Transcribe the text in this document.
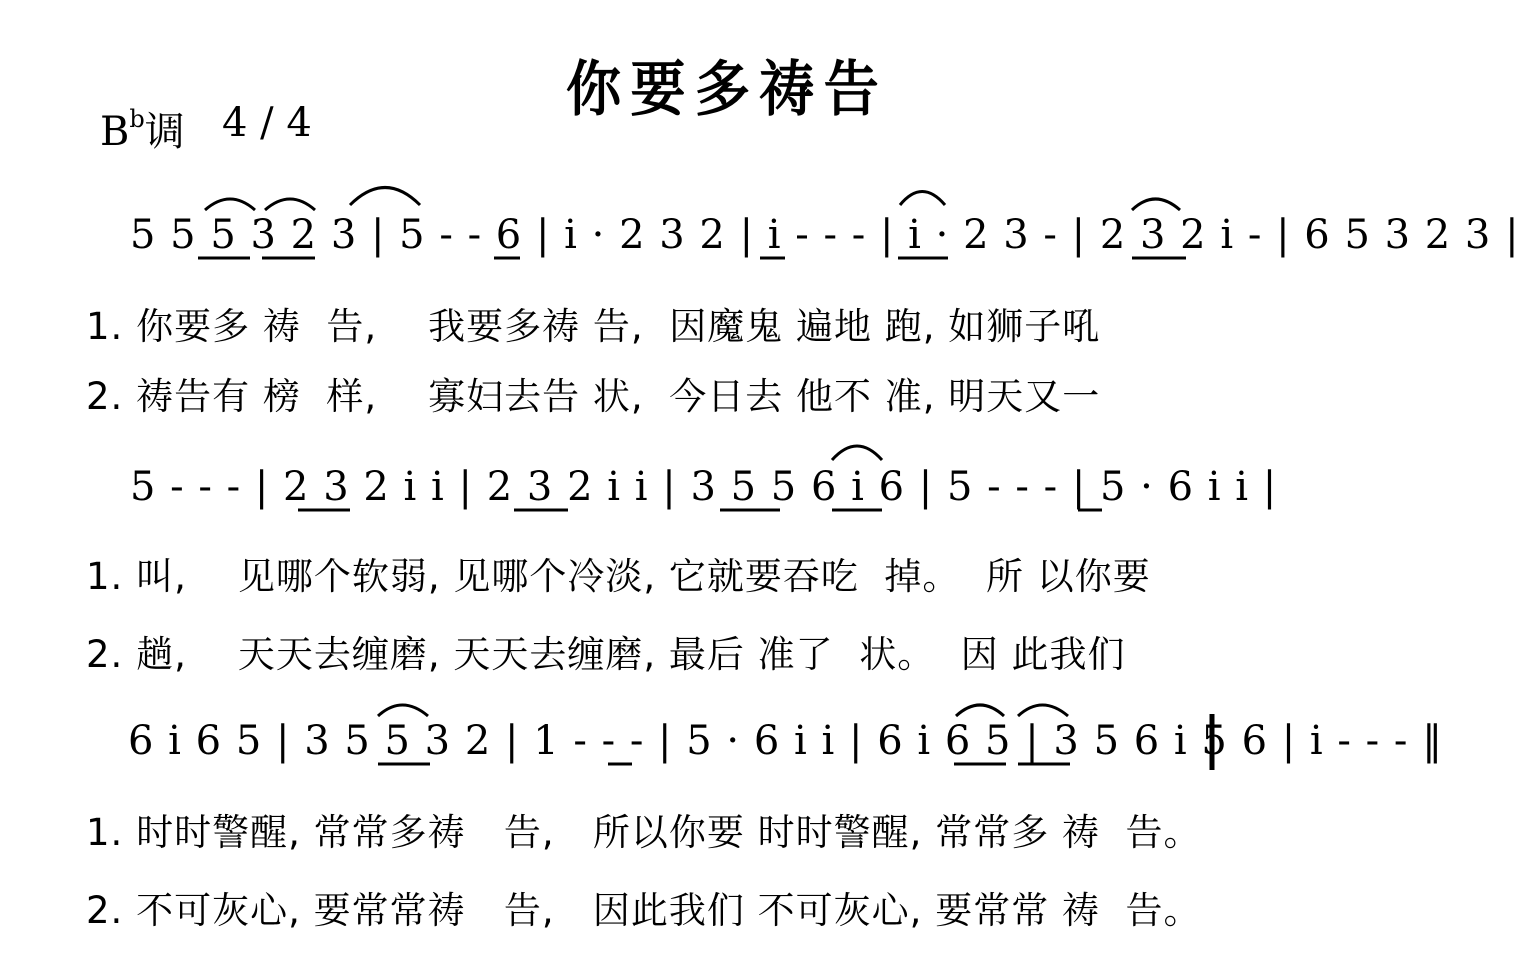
你要多祷告
$B^b$调 4 / 4
5 5 5 3 2 3 | 5 - - 6 | i · 2 3 2 | i - - - | i · 2 3 - | 2 3 2 i - | 6 5 3 2 3 |
1. 你要多 祷  告,    我要多祷 告,  因魔鬼 遍地 跑, 如狮子吼
2. 祷告有 榜  样,    寡妇去告 状,  今日去 他不 准, 明天又一
5 - - - | 2 3 2 i i | 2 3 2 i i | 3 5 5 6 i 6 | 5 - - - | 5 · 6 i i |
1. 叫,    见哪个软弱, 见哪个冷淡, 它就要吞吃  掉。  所 以你要
2. 趟,    天天去缠磨, 天天去缠磨, 最后 准了  状。  因 此我们
6 i 6 5 | 3 5 5 3 2 | 1 - - - | 5 · 6 i i | 6 i 6 5 | 3 5 6 i 5 6 | i - - - ‖
1. 时时警醒, 常常多祷   告,   所以你要 时时警醒, 常常多 祷  告。
2. 不可灰心, 要常常祷   告,   因此我们 不可灰心, 要常常 祷  告。
